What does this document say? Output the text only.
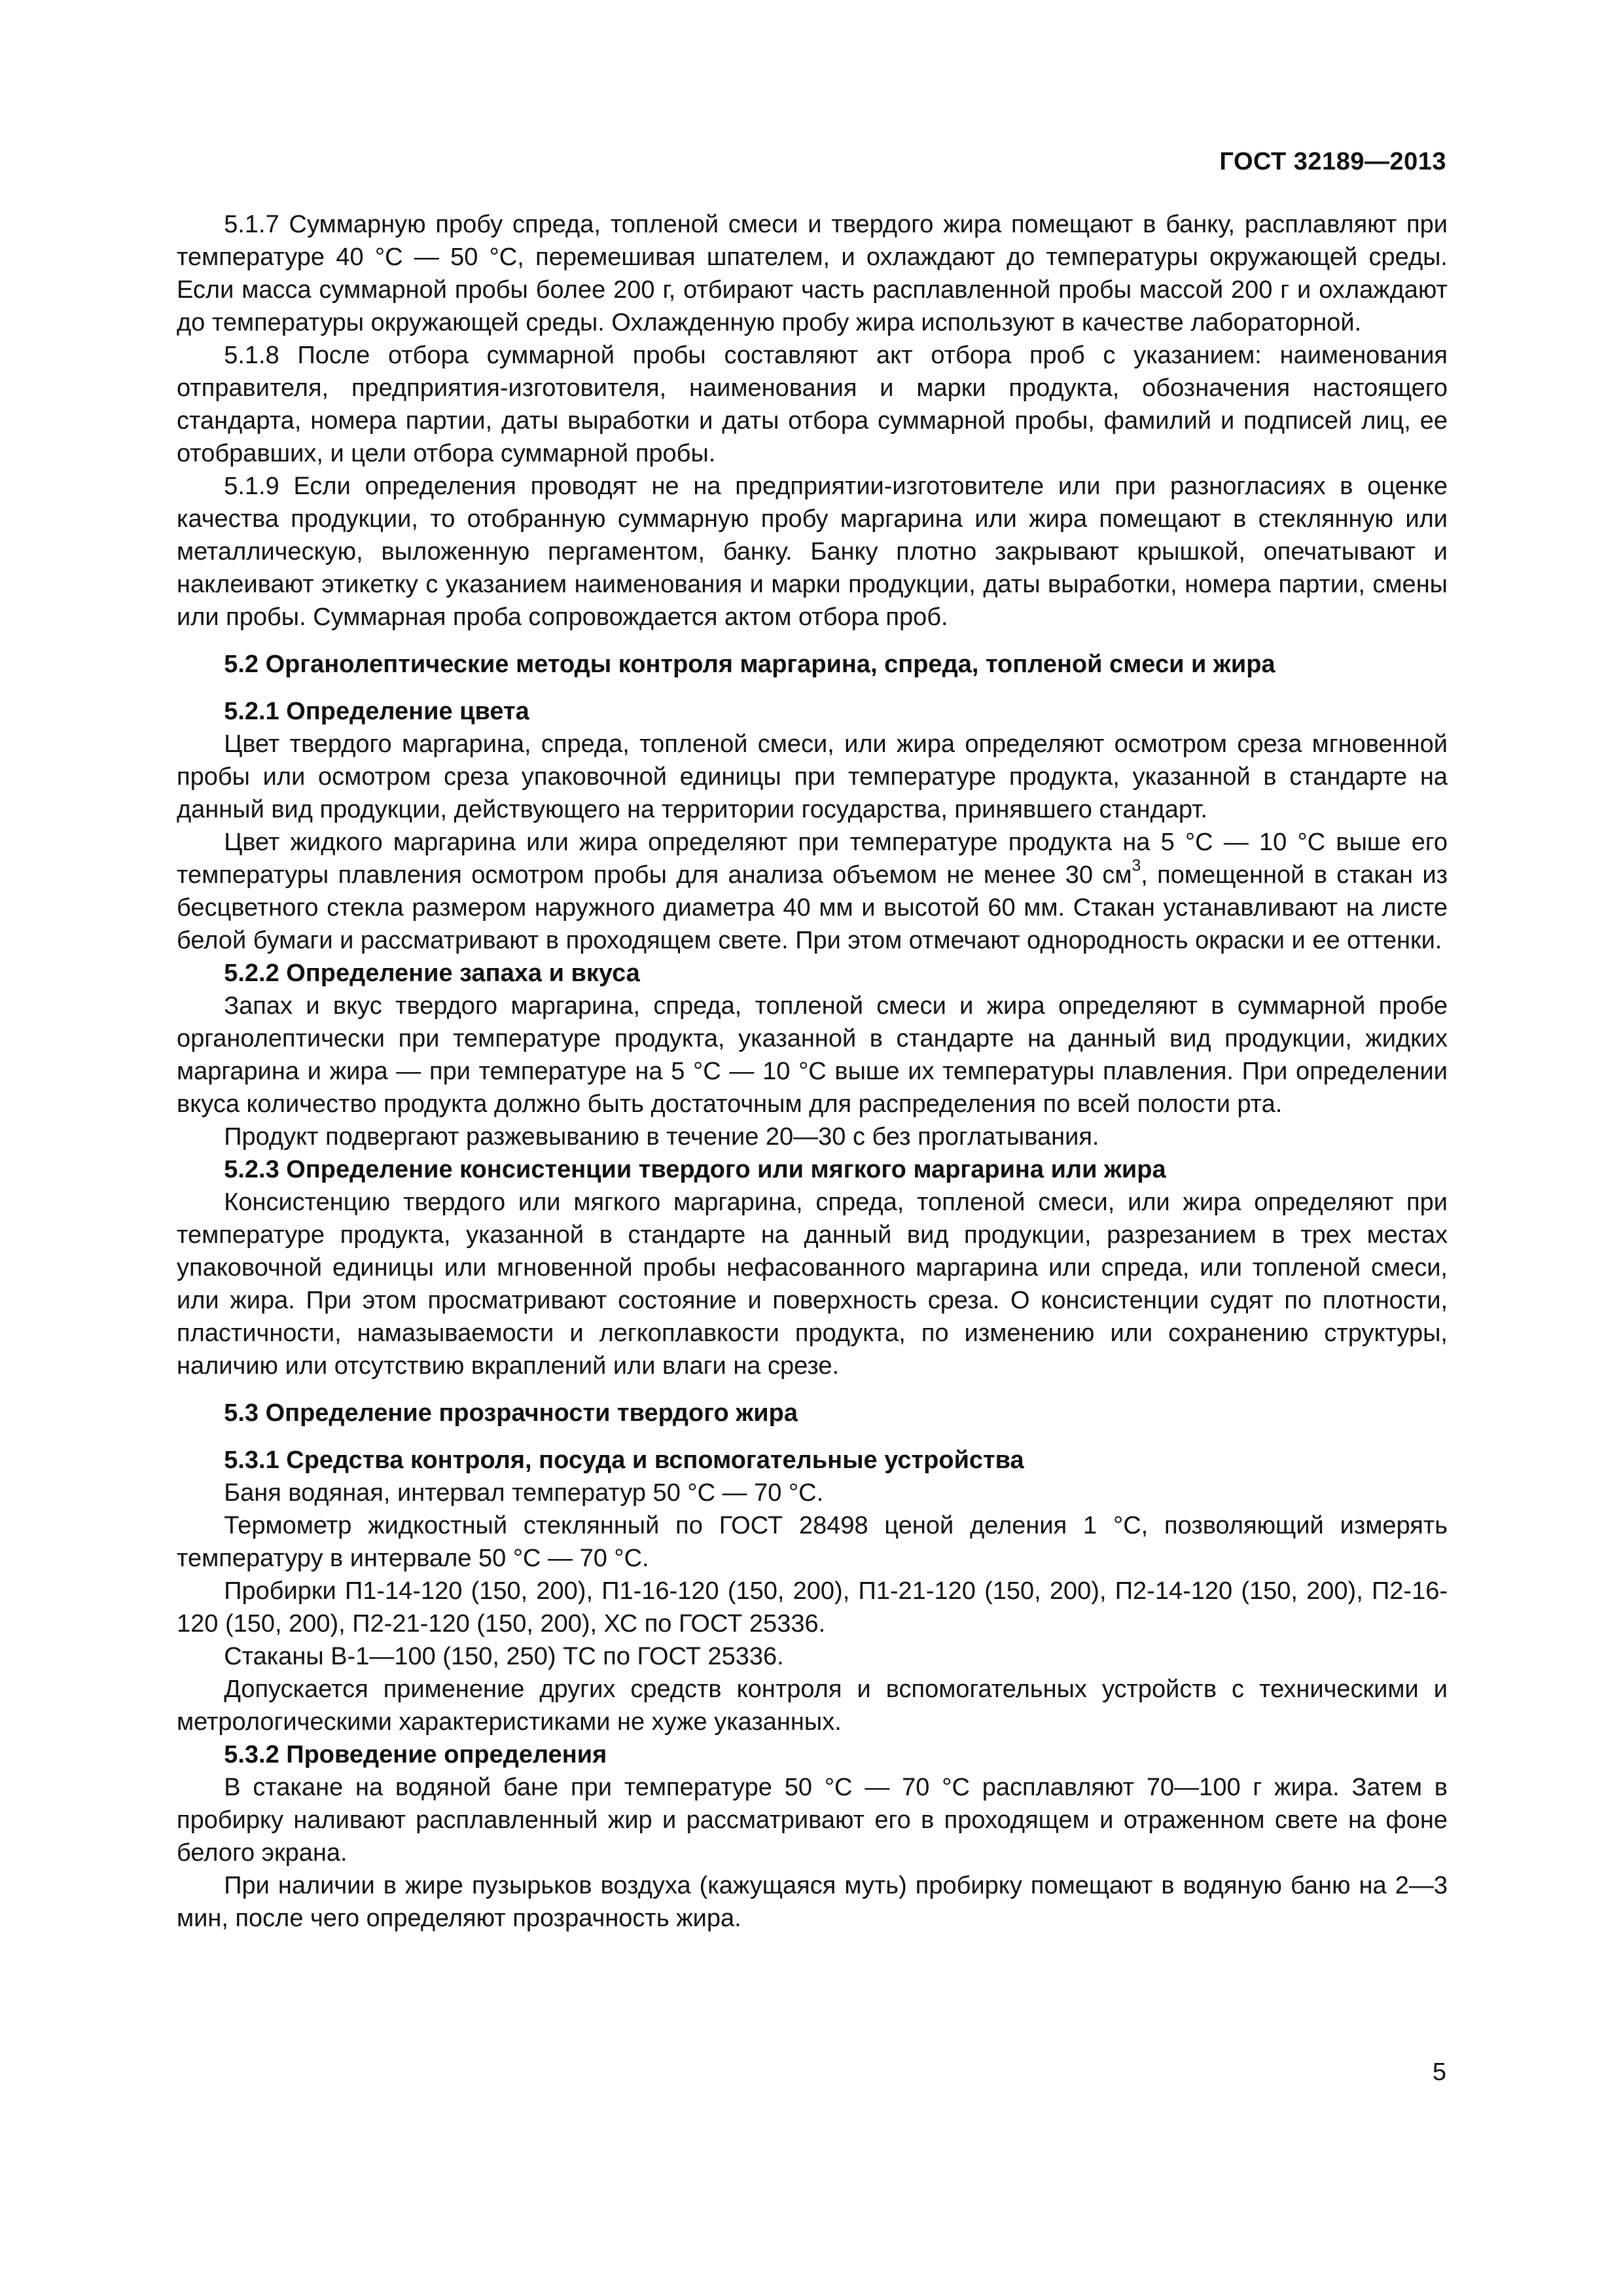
ГОСТ 32189—2013

5.1.7 Суммарную пробу спреда, топленой смеси и твердого жира помещают в банку, расплавляют при температуре 40 °С — 50 °С, перемешивая шпателем, и охлаждают до температуры окружающей среды. Если масса суммарной пробы более 200 г, отбирают часть расплавленной пробы массой 200 г и охлаждают до температуры окружающей среды. Охлажденную пробу жира используют в качестве лабораторной.

5.1.8 После отбора суммарной пробы составляют акт отбора проб с указанием: наименования отправителя, предприятия-изготовителя, наименования и марки продукта, обозначения настоящего стандарта, номера партии, даты выработки и даты отбора суммарной пробы, фамилий и подписей лиц, ее отобравших, и цели отбора суммарной пробы.

5.1.9 Если определения проводят не на предприятии-изготовителе или при разногласиях в оценке качества продукции, то отобранную суммарную пробу маргарина или жира помещают в стеклянную или металлическую, выложенную пергаментом, банку. Банку плотно закрывают крышкой, опечатывают и наклеивают этикетку с указанием наименования и марки продукции, даты выработки, номера партии, смены или пробы. Суммарная проба сопровождается актом отбора проб.

5.2 Органолептические методы контроля маргарина, спреда, топленой смеси и жира

5.2.1 Определение цвета

Цвет твердого маргарина, спреда, топленой смеси, или жира определяют осмотром среза мгновенной пробы или осмотром среза упаковочной единицы при температуре продукта, указанной в стандарте на данный вид продукции, действующего на территории государства, принявшего стандарт.

Цвет жидкого маргарина или жира определяют при температуре продукта на 5 °С — 10 °С выше его температуры плавления осмотром пробы для анализа объемом не менее 30 $см^3$, помещенной в стакан из бесцветного стекла размером наружного диаметра 40 мм и высотой 60 мм. Стакан устанавливают на листе белой бумаги и рассматривают в проходящем свете. При этом отмечают однородность окраски и ее оттенки.

5.2.2 Определение запаха и вкуса

Запах и вкус твердого маргарина, спреда, топленой смеси и жира определяют в суммарной пробе органолептически при температуре продукта, указанной в стандарте на данный вид продукции, жидких маргарина и жира — при температуре на 5 °С — 10 °С выше их температуры плавления. При определении вкуса количество продукта должно быть достаточным для распределения по всей полости рта.

Продукт подвергают разжевыванию в течение 20—30 с без проглатывания.

5.2.3 Определение консистенции твердого или мягкого маргарина или жира

Консистенцию твердого или мягкого маргарина, спреда, топленой смеси, или жира определяют при температуре продукта, указанной в стандарте на данный вид продукции, разрезанием в трех местах упаковочной единицы или мгновенной пробы нефасованного маргарина или спреда, или топленой смеси, или жира. При этом просматривают состояние и поверхность среза. О консистенции судят по плотности, пластичности, намазываемости и легкоплавкости продукта, по изменению или сохранению структуры, наличию или отсутствию вкраплений или влаги на срезе.

5.3 Определение прозрачности твердого жира

5.3.1 Средства контроля, посуда и вспомогательные устройства

Баня водяная, интервал температур 50 °С — 70 °С.

Термометр жидкостный стеклянный по ГОСТ 28498 ценой деления 1 °С, позволяющий измерять температуру в интервале 50 °С — 70 °С.

Пробирки П1-14-120 (150, 200), П1-16-120 (150, 200), П1-21-120 (150, 200), П2-14-120 (150, 200), П2-16-120 (150, 200), П2-21-120 (150, 200), ХС по ГОСТ 25336.

Стаканы В-1—100 (150, 250) ТС по ГОСТ 25336.

Допускается применение других средств контроля и вспомогательных устройств с техническими и метрологическими характеристиками не хуже указанных.

5.3.2 Проведение определения

В стакане на водяной бане при температуре 50 °С — 70 °С расплавляют 70—100 г жира. Затем в пробирку наливают расплавленный жир и рассматривают его в проходящем и отраженном свете на фоне белого экрана.

При наличии в жире пузырьков воздуха (кажущаяся муть) пробирку помещают в водяную баню на 2—3 мин, после чего определяют прозрачность жира.

5
